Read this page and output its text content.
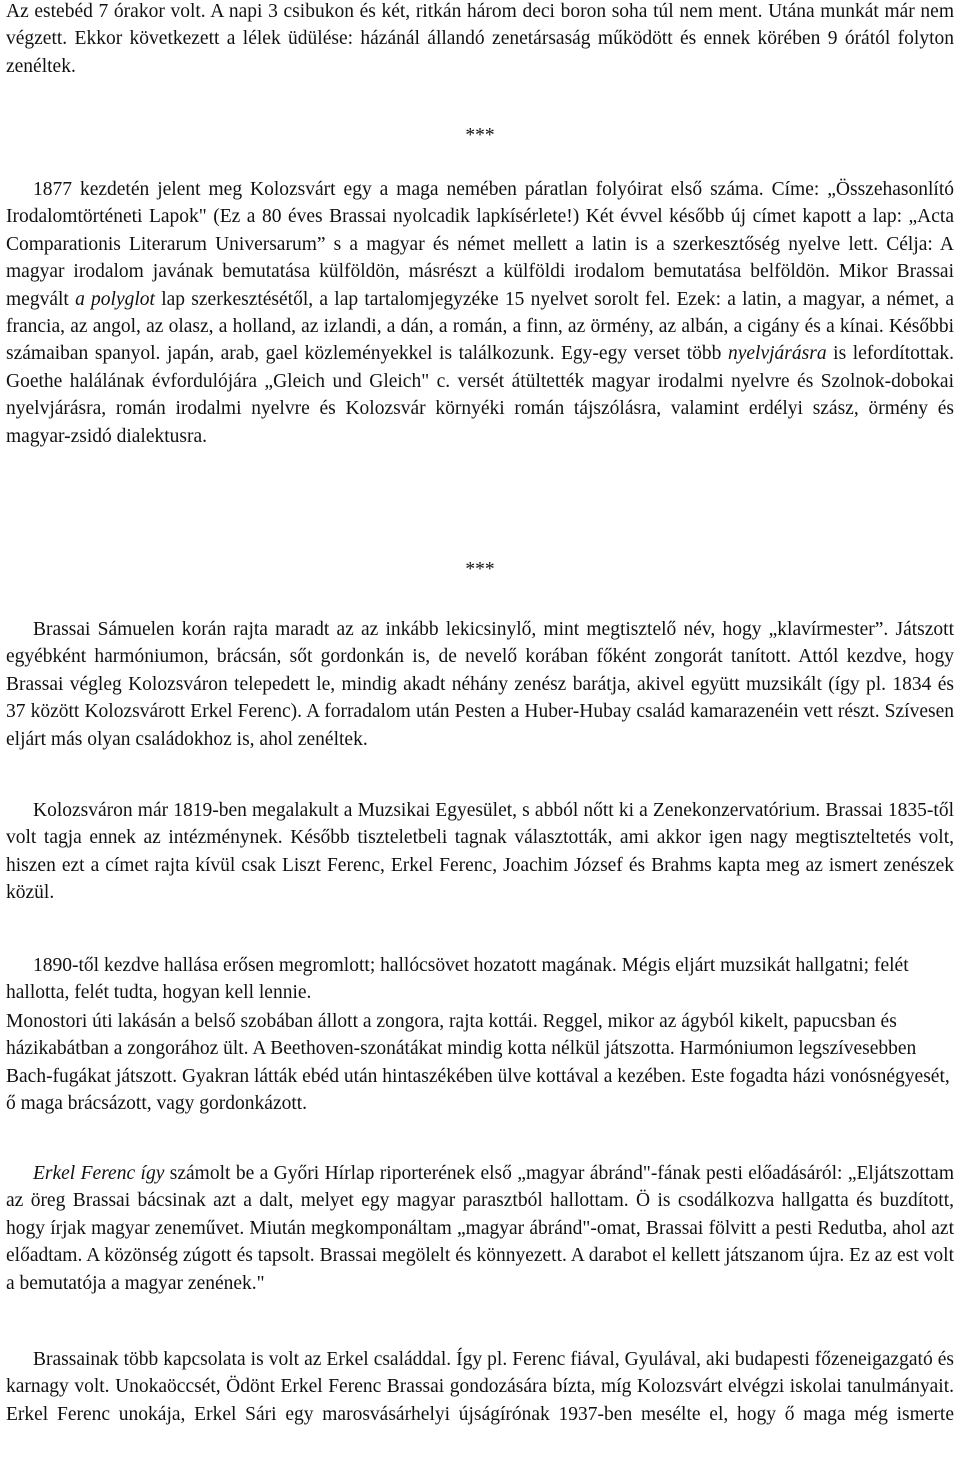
Az estebéd 7 órakor volt. A napi 3 csibukon és két, ritkán három deci boron soha túl nem ment. Utána munkát már nem végzett. Ekkor következett a lélek üdülése: házánál állandó zenetársaság működött és ennek körében 9 órától folyton zenéltek.

***

1877 kezdetén jelent meg Kolozsvárt egy a maga nemében páratlan folyóirat első száma. Címe: „Összehasonlító Irodalomtörténeti Lapok" (Ez a 80 éves Brassai nyolcadik lapkísérlete!) Két évvel később új címet kapott a lap: „Acta Comparationis Literarum Universarum” s a magyar és német mellett a latin is a szerkesztőség nyelve lett. Célja: A magyar irodalom javának bemutatása külföldön, másrészt a külföldi irodalom bemutatása belföldön. Mikor Brassai megvált a polyglot lap szerkesztésétől, a lap tartalomjegyzéke 15 nyelvet sorolt fel. Ezek: a latin, a magyar, a német, a francia, az angol, az olasz, a holland, az izlandi, a dán, a román, a finn, az örmény, az albán, a cigány és a kínai. Későbbi számaiban spanyol. japán, arab, gael közleményekkel is találkozunk. Egy-egy verset több nyelvjárásra is lefordítottak. Goethe halálának évfordulójára „Gleich und Gleich" c. versét átültették magyar irodalmi nyelvre és Szolnok-dobokai nyelvjárásra, román irodalmi nyelvre és Kolozsvár környéki román tájszólásra, valamint erdélyi szász, örmény és magyar-zsidó dialektusra.

***

Brassai Sámuelen korán rajta maradt az az inkább lekicsinylő, mint megtisztelő név, hogy „klavírmester”. Játszott egyébként harmóniumon, brácsán, sőt gordonkán is, de nevelő korában főként zongorát tanított. Attól kezdve, hogy Brassai végleg Kolozsváron telepedett le, mindig akadt néhány zenész barátja, akivel együtt muzsikált (így pl. 1834 és 37 között Kolozsvárott Erkel Ferenc). A forradalom után Pesten a Huber-Hubay család kamarazenéin vett részt. Szívesen eljárt más olyan családokhoz is, ahol zenéltek.

Kolozsváron már 1819-ben megalakult a Muzsikai Egyesület, s abból nőtt ki a Zenekonzervatórium. Brassai 1835-től volt tagja ennek az intézménynek. Később tiszteletbeli tagnak választották, ami akkor igen nagy megtiszteltetés volt, hiszen ezt a címet rajta kívül csak Liszt Ferenc, Erkel Ferenc, Joachim József és Brahms kapta meg az ismert zenészek közül.

1890-től kezdve hallása erősen megromlott; hallócsövet hozatott magának. Mégis eljárt muzsikát hallgatni; felét hallotta, felét tudta, hogyan kell lennie.

Monostori úti lakásán a belső szobában állott a zongora, rajta kottái. Reggel, mikor az ágyból kikelt, papucsban és házikabátban a zongorához ült. A Beethoven-szonátákat mindig kotta nélkül játszotta. Harmóniumon legszívesebben Bach-fugákat játszott. Gyakran látták ebéd után hintaszékében ülve kottával a kezében. Este fogadta házi vonósnégyesét, ő maga brácsázott, vagy gordonkázott.

Erkel Ferenc így számolt be a Győri Hírlap riporterének első „magyar ábránd"-fának pesti előadásáról: „Eljátszottam az öreg Brassai bácsinak azt a dalt, melyet egy magyar parasztból hallottam. Ö is csodálkozva hallgatta és buzdított, hogy írjak magyar zeneművet. Miután megkomponáltam „magyar ábránd"-omat, Brassai fölvitt a pesti Redutba, ahol azt előadtam. A közönség zúgott és tapsolt. Brassai megölelt és könnyezett. A darabot el kellett játszanom újra. Ez az est volt a bemutatója a magyar zenének."

Brassainak több kapcsolata is volt az Erkel családdal. Így pl. Ferenc fiával, Gyulával, aki budapesti főzeneigazgató és karnagy volt. Unokaöccsét, Ödönt Erkel Ferenc Brassai gondozására bízta, míg Kolozsvárt elvégzi iskolai tanulmányait. Erkel Ferenc unokája, Erkel Sári egy marosvásárhelyi újságírónak 1937-ben mesélte el, hogy ő maga még ismerte
